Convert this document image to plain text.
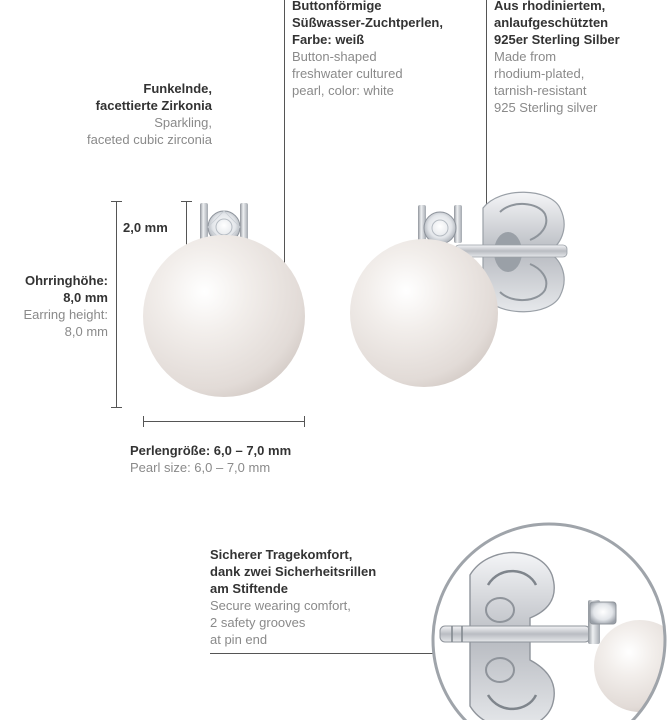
Funkelnde,
facettierte Zirkonia
Sparkling,
faceted cubic zirconia
Buttonförmige
Süßwasser-Zuchtperlen,
Farbe: weiß
Button-shaped
freshwater cultured
pearl, color: white
Aus rhodiniertem,
anlaufgeschützten
925er Sterling Silber
Made from
rhodium-plated,
tarnish-resistant
925 Sterling silver
2,0 mm
Ohrringhöhe:
8,0 mm
Earring height:
8,0 mm
Perlengröße: 6,0 – 7,0 mm
Pearl size: 6,0 – 7,0 mm
Sicherer Tragekomfort,
dank zwei Sicherheitsrillen
am Stiftende
Secure wearing comfort,
2 safety grooves
at pin end
